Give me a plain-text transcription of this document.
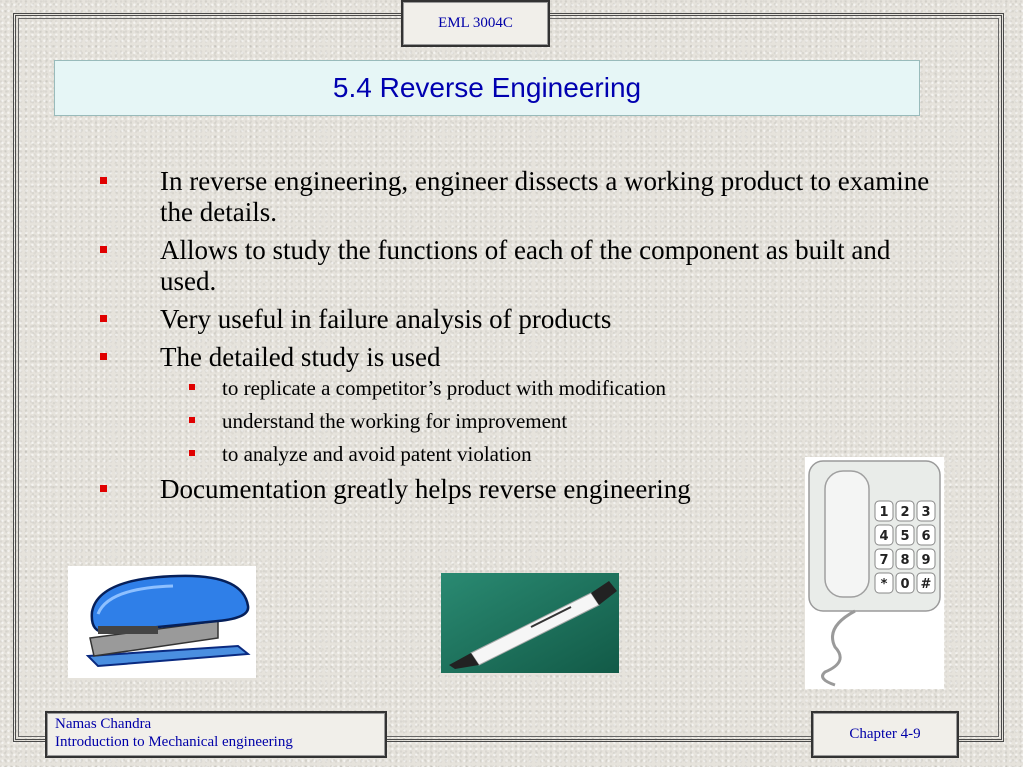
EML 3004C
5.4 Reverse Engineering
In reverse engineering, engineer dissects a working product to examine the details.
Allows to study the functions of each of the component as built and used.
Very useful in failure analysis of products
The detailed study is used
to replicate a competitor’s product with modification
understand the working for improvement
to analyze and avoid patent violation
Documentation greatly helps reverse engineering
1 2 3
4 5 6
7 8 9
* 0 #
Namas Chandra
Introduction to Mechanical engineering	Chapter 4-9
